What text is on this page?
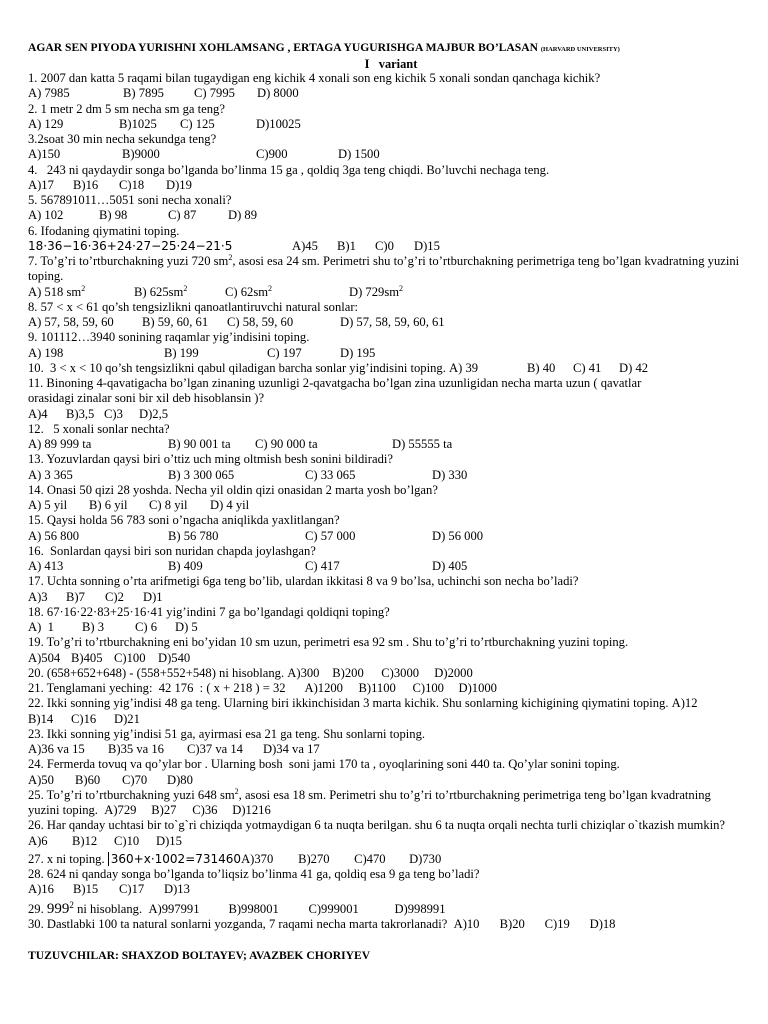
AGAR SEN PIYODA YURISHNI XOHLAMSANG , ERTAGA YUGURISHGA MAJBUR BO’LASAN (HARVARD UNIVERSITY)
I   variant

1. 2007 dan katta 5 raqami bilan tugaydigan eng kichik 4 xonali son eng kichik 5 xonali sondan qanchaga kichik?

A) 7985	B) 7895 C) 7995 D) 8000

2. 1 metr 2 dm 5 sm necha sm ga teng?

A) 129	B)1025 C) 125	D)10025

3.2soat 30 min necha sekundga teng?

A)150	B)9000	C)900	D) 1500

4.   243 ni qaydaydir songa bo’lganda bo’linma 15 ga , qoldiq 3ga teng chiqdi. Bo’luvchi nechaga teng.

A)17 B)16 C)18 D)19

5. 567891011…5051 soni necha xonali?

A) 102	B) 98	C) 87	D) 89

6. Ifodaning qiymatini toping.

18·36−16·36+24·27−25·24−21·5	A)45 B)1 C)0 D)15

7. To’g’ri to’rtburchakning yuzi 720 $sm^2$, asosi esa 24 sm. Perimetri shu to’g’ri to’rtburchakning perimetriga teng bo’lgan kvadratning yuzini toping.

A) 518 $sm^2$	B) $625sm^2$	C) $62sm^2$	D) $729sm^2$

8. 57 < x < 61 qo’sh tengsizlikni qanoatlantiruvchi natural sonlar:

A) 57, 58, 59, 60 B) 59, 60, 61 C) 58, 59, 60	D) 57, 58, 59, 60, 61

9. 101112…3940 sonining raqamlar yig’indisini toping.

A) 198	B) 199	C) 197	D) 195

10.  3 < x < 10 qo’sh tengsizlikni qabul qiladigan barcha sonlar yig’indisini toping. A) 39	B) 40 C) 41 D) 42

11. Binoning 4-qavatigacha bo’lgan zinaning uzunligi 2-qavatgacha bo’lgan zina uzunligidan necha marta uzun ( qavatlar orasidagi zinalar soni bir xil deb hisoblansin )?

A)4 B)3,5 C)3 D)2,5

12.   5 xonali sonlar nechta?

A) 89 999 ta	B) 90 001 ta C) 90 000 ta	D) 55555 ta

13. Yozuvlardan qaysi biri o’ttiz uch ming oltmish besh sonini bildiradi?

A) 3 365	B) 3 300 065	C) 33 065	D) 330

14. Onasi 50 qizi 28 yoshda. Necha yil oldin qizi onasidan 2 marta yosh bo’lgan?

A) 5 yil B) 6 yil C) 8 yil D) 4 yil

15. Qaysi holda 56 783 soni o’ngacha aniqlikda yaxlitlangan?

A) 56 800	B) 56 780	C) 57 000	D) 56 000

16.  Sonlardan qaysi biri son nuridan chapda joylashgan?

A) 413	B) 409	C) 417	D) 405

17. Uchta sonning o’rta arifmetigi 6ga teng bo’lib, ulardan ikkitasi 8 va 9 bo’lsa, uchinchi son necha bo’ladi?

A)3 B)7 C)2 D)1

18. 67·16·22·83+25·16·41 yig’indini 7 ga bo’lgandagi qoldiqni toping?

A)  1 B) 3 C) 6 D) 5

19. To’g’ri to’rtburchakning eni bo’yidan 10 sm uzun, perimetri esa 92 sm . Shu to’g’ri to’rtburchakning yuzini toping.

A)504 B)405 C)100 D)540

20. (658+652+648) - (558+552+548) ni hisoblang. A)300 B)200 C)3000 D)2000

21. Tenglamani yeching:  42 176  : ( x + 218 ) = 32 A)1200 B)1100 C)100 D)1000

22. Ikki sonning yig’indisi 48 ga teng. Ularning biri ikkinchisidan 3 marta kichik. Shu sonlarning kichigining qiymatini toping. A)12B)14 C)16 D)21

23. Ikki sonning yig’indisi 51 ga, ayirmasi esa 21 ga teng. Shu sonlarni toping.

A)36 va 15 B)35 va 16 C)37 va 14 D)34 va 17

24. Fermerda tovuq va qo’ylar bor . Ularning bosh  soni jami 170 ta , oyoqlarining soni 440 ta. Qo’ylar sonini toping.

A)50 B)60 C)70 D)80

25. To’g’ri to’rtburchakning yuzi 648 $sm^2$, asosi esa 18 sm. Perimetri shu to’g’ri to’rtburchakning perimetriga teng bo’lgan kvadratning yuzini toping. A)729 B)27 C)36 D)1216

26. Har qanday uchtasi bir to`g`ri chiziqda yotmaydigan 6 ta nuqta berilgan. shu 6 ta nuqta orqali nechta turli chiziqlar o`tkazish mumkin?A)6 B)12 C)10 D)15

27. x ni toping. 360+x·1002=731460A)370 B)270 C)470 D)730

28. 624 ni qanday songa bo’lganda to’liqsiz bo’linma 41 ga, qoldiq esa 9 ga teng bo’ladi?

A)16 B)15 C)17 D)13

29. $999^2$ ni hisoblang. A)997991 B)998001 C)999001	D)998991

30. Dastlabki 100 ta natural sonlarni yozganda, 7 raqami necha marta takrorlanadi? A)10 B)20 C)19 D)18

TUZUVCHILAR: SHAXZOD BOLTAYEV; AVAZBEK CHORIYEV
